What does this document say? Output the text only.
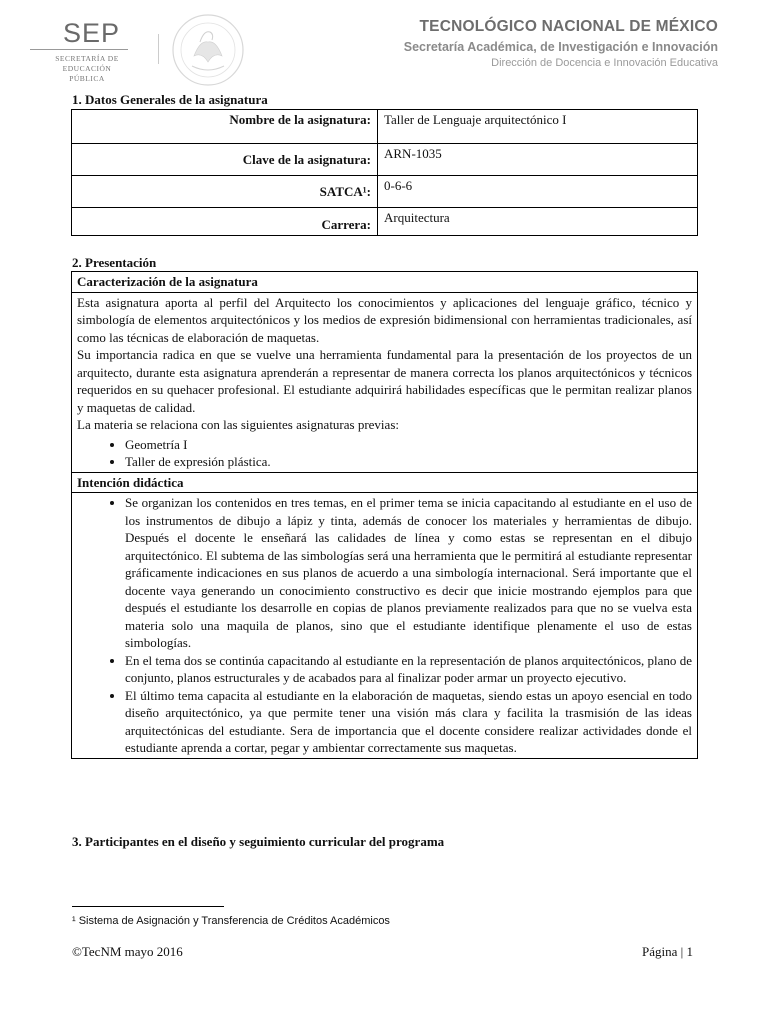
SEP
SECRETARÍA DE
EDUCACIÓN PÚBLICA
TECNOLÓGICO NACIONAL DE MÉXICO
Secretaría Académica, de Investigación e Innovación
Dirección de Docencia e Innovación Educativa
1. Datos Generales de la asignatura
Nombre de la asignatura:	Taller de Lenguaje arquitectónico I
Clave de la asignatura:	ARN-1035
SATCA¹:	0-6-6
Carrera:	Arquitectura
2. Presentación
Caracterización de la asignatura

Esta asignatura aporta al perfil del Arquitecto los conocimientos y aplicaciones del lenguaje gráfico, técnico y simbología de elementos arquitectónicos y los medios de expresión bidimensional con herramientas tradicionales, así como las técnicas de elaboración de maquetas.
Su importancia radica en que se vuelve una herramienta fundamental para la presentación de los proyectos de un arquitecto, durante esta asignatura aprenderán a representar de manera correcta los planos arquitectónicos y técnicos requeridos en su quehacer profesional. El estudiante adquirirá habilidades específicas que le permitan realizar planos y maquetas de calidad.
La materia se relaciona con las siguientes asignaturas previas:
• Geometría I
• Taller de expresión plástica.

Intención didáctica

• Se organizan los contenidos en tres temas, en el primer tema se inicia capacitando al estudiante en el uso de los instrumentos de dibujo a lápiz y tinta, además de conocer los materiales y herramientas de dibujo. Después el docente le enseñará las calidades de línea y como estas se representan en el dibujo arquitectónico. El subtema de las simbologías será una herramienta que le permitirá al estudiante representar gráficamente indicaciones en sus planos de acuerdo a una simbología internacional. Será importante que el docente vaya generando un conocimiento constructivo es decir que inicie mostrando ejemplos para que después el estudiante los desarrolle en copias de planos previamente realizados para que no se vuelva esta materia solo una maquila de planos, sino que el estudiante identifique plenamente el uso de estas simbologías.
• En el tema dos se continúa capacitando al estudiante en la representación de planos arquitectónicos, plano de conjunto, planos estructurales y de acabados para al finalizar poder armar un proyecto ejecutivo.
• El último tema capacita al estudiante en la elaboración de maquetas, siendo estas un apoyo esencial en todo diseño arquitectónico, ya que permite tener una visión más clara y facilita la trasmisión de las ideas arquitectónicas del estudiante. Sera de importancia que el docente considere realizar actividades donde el estudiante aprenda a cortar, pegar y ambientar correctamente sus maquetas.
3. Participantes en el diseño y seguimiento curricular del programa
¹ Sistema de Asignación y Transferencia de Créditos Académicos
©TecNM mayo 2016	Página | 1
